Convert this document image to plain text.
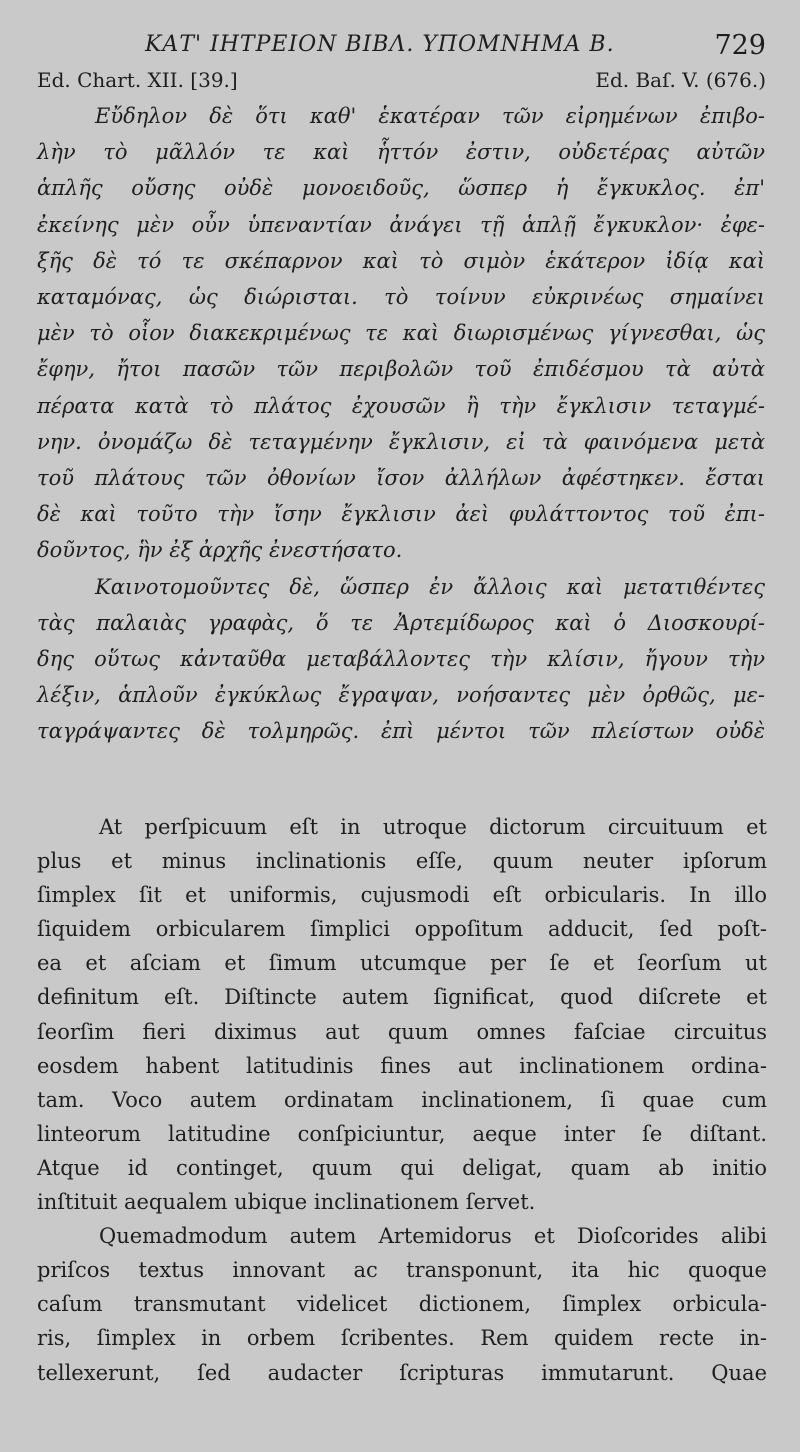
ΚΑΤ' ΙΗΤΡΕΙΟΝ ΒΙΒΛ. ΥΠΟΜΝΗΜΑ Β.	729
Ed. Chart. XII. [39.]	Ed. Baſ. V. (676.)
Εὔδηλον δὲ ὅτι καθ' ἑκατέραν τῶν εἰρημένων ἐπιβο-
λὴν τὸ μᾶλλόν τε καὶ ἧττόν ἐστιν, οὐδετέρας αὐτῶν
ἁπλῆς οὔσης οὐδὲ μονοειδοῦς, ὥσπερ ἡ ἔγκυκλος. ἐπ'
ἐκείνης μὲν οὖν ὑπεναντίαν ἀνάγει τῇ ἁπλῇ ἔγκυκλον· ἐφε-
ξῆς δὲ τό τε σκέπαρνον καὶ τὸ σιμὸν ἑκάτερον ἰδίᾳ καὶ
καταμόνας, ὡς διώρισται. τὸ τοίνυν εὐκρινέως σημαίνει
μὲν τὸ οἷον διακεκριμένως τε καὶ διωρισμένως γίγνεσθαι, ὡς
ἔφην, ἤτοι πασῶν τῶν περιβολῶν τοῦ ἐπιδέσμου τὰ αὐτὰ
πέρατα κατὰ τὸ πλάτος ἐχουσῶν ἢ τὴν ἔγκλισιν τεταγμέ-
νην. ὀνομάζω δὲ τεταγμένην ἔγκλισιν, εἰ τὰ φαινόμενα μετὰ
τοῦ πλάτους τῶν ὀθονίων ἴσον ἀλλήλων ἀφέστηκεν. ἔσται
δὲ καὶ τοῦτο τὴν ἴσην ἔγκλισιν ἀεὶ φυλάττοντος τοῦ ἐπι-
δοῦντος, ἣν ἐξ ἀρχῆς ἐνεστήσατο.
Καινοτομοῦντες δὲ, ὥσπερ ἐν ἄλλοις καὶ μετατιθέντες
τὰς παλαιὰς γραφὰς, ὅ τε Ἀρτεμίδωρος καὶ ὁ Διοσκουρί-
δης οὕτως κἀνταῦθα μεταβάλλοντες τὴν κλίσιν, ἤγουν τὴν
λέξιν, ἁπλοῦν ἐγκύκλως ἔγραψαν, νοήσαντες μὲν ὀρθῶς, με-
ταγράψαντες δὲ τολμηρῶς. ἐπὶ μέντοι τῶν πλείστων οὐδὲ
At perſpicuum eſt in utroque dictorum circuituum et
plus et minus inclinationis eſſe, quum neuter ipſorum
ſimplex ſit et uniformis, cujusmodi eſt orbicularis. In illo
ſiquidem orbicularem ſimplici oppoſitum adducit, ſed poſt-
ea et aſciam et ſimum utcumque per ſe et ſeorſum ut
definitum eſt. Diſtincte autem ſignificat, quod diſcrete et
ſeorſim fieri diximus aut quum omnes faſciae circuitus
eosdem habent latitudinis fines aut inclinationem ordina-
tam. Voco autem ordinatam inclinationem, ſi quae cum
linteorum latitudine conſpiciuntur, aeque inter ſe diſtant.
Atque id continget, quum qui deligat, quam ab initio
inſtituit aequalem ubique inclinationem ſervet.
Quemadmodum autem Artemidorus et Dioſcorides alibi
priſcos textus innovant ac transponunt, ita hic quoque
caſum transmutant videlicet dictionem, ſimplex orbicula-
ris, ſimplex in orbem ſcribentes. Rem quidem recte in-
tellexerunt, ſed audacter ſcripturas immutarunt. Quae
